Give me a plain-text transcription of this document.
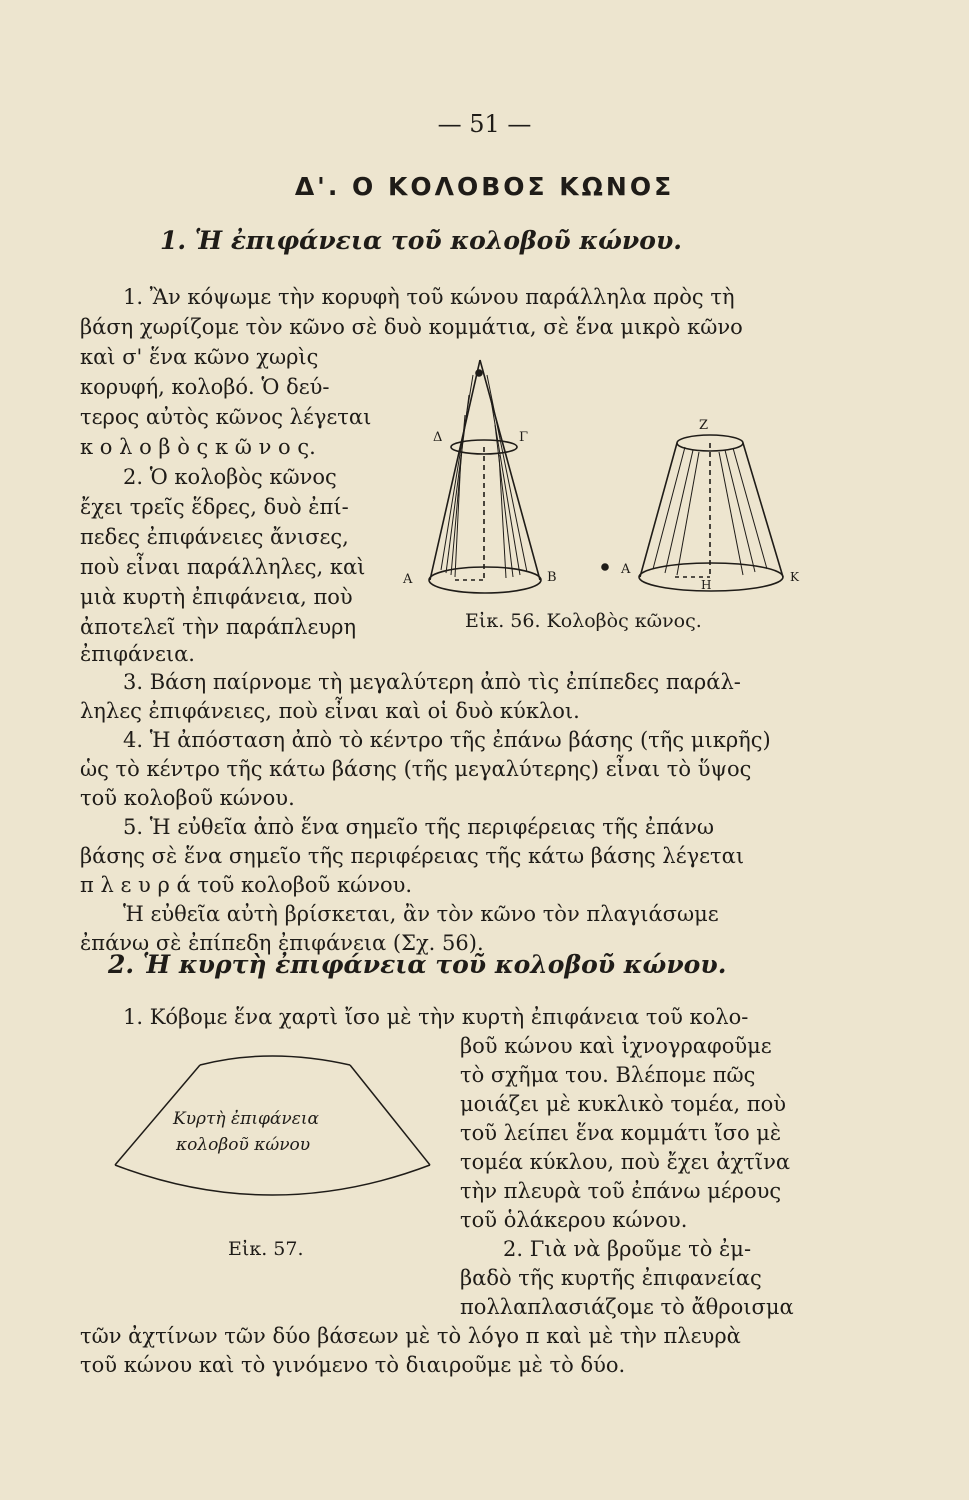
— 51 —
Δ'. Ο ΚΟΛΟΒΟΣ ΚΩΝΟΣ
1. Ἡ ἐπιφάνεια τοῦ κολοβοῦ κώνου.
1. Ἂν κόψωμε τὴν κορυφὴ τοῦ κώνου παράλληλα πρὸς τὴ
βάση χωρίζομε τὸν κῶνο σὲ δυὸ κομμάτια, σὲ ἕνα μικρὸ κῶνο
καὶ σ' ἕνα κῶνο χωρὶς
κορυφή, κολοβό. Ὁ δεύ-
τερος αὐτὸς κῶνος λέγεται
κ ο λ ο β ὸ ς κ ῶ ν ο ς.
2. Ὁ κολοβὸς κῶνος
ἔχει τρεῖς ἕδρες, δυὸ ἐπί-
πεδες ἐπιφάνειες ἄνισες,
ποὺ εἶναι παράλληλες, καὶ
μιὰ κυρτὴ ἐπιφάνεια, ποὺ
ἀποτελεῖ τὴν παράπλευρη
ἐπιφάνεια.
3. Βάση παίρνομε τὴ μεγαλύτερη ἀπὸ τὶς ἐπίπεδες παράλ-
ληλες ἐπιφάνειες, ποὺ εἶναι καὶ οἱ δυὸ κύκλοι.
4. Ἡ ἀπόσταση ἀπὸ τὸ κέντρο τῆς ἐπάνω βάσης (τῆς μικρῆς)
ὡς τὸ κέντρο τῆς κάτω βάσης (τῆς μεγαλύτερης) εἶναι τὸ ὕψος
τοῦ κολοβοῦ κώνου.
5. Ἡ εὐθεῖα ἀπὸ ἕνα σημεῖο τῆς περιφέρειας τῆς ἐπάνω
βάσης σὲ ἕνα σημεῖο τῆς περιφέρειας τῆς κάτω βάσης λέγεται
π λ ε υ ρ ά τοῦ κολοβοῦ κώνου.
Ἡ εὐθεῖα αὐτὴ βρίσκεται, ἂν τὸν κῶνο τὸν πλαγιάσωμε
ἐπάνω σὲ ἐπίπεδη ἐπιφάνεια (Σχ. 56).
Δ	Γ
Α	Β
Ζ
Α
Η
Κ
Εἰκ. 56. Κολοβὸς κῶνος.
2. Ἡ κυρτὴ ἐπιφάνεια τοῦ κολοβοῦ κώνου.
1. Κόβομε ἕνα χαρτὶ ἴσο μὲ τὴν κυρτὴ ἐπιφάνεια τοῦ κολο-
βοῦ κώνου καὶ ἰχνογραφοῦμε
τὸ σχῆμα του. Βλέπομε πῶς
μοιάζει μὲ κυκλικὸ τομέα, ποὺ
τοῦ λείπει ἕνα κομμάτι ἴσο μὲ
τομέα κύκλου, ποὺ ἔχει ἀχτῖνα
τὴν πλευρὰ τοῦ ἐπάνω μέρους
τοῦ ὁλάκερου κώνου.
2. Γιὰ νὰ βροῦμε τὸ ἐμ-
βαδὸ τῆς κυρτῆς ἐπιφανείας
πολλαπλασιάζομε τὸ ἄθροισμα
τῶν ἀχτίνων τῶν δύο βάσεων μὲ τὸ λόγο π καὶ μὲ τὴν πλευρὰ
τοῦ κώνου καὶ τὸ γινόμενο τὸ διαιροῦμε μὲ τὸ δύο.
Κυρτὴ ἐπιφάνεια
κολοβοῦ κώνου
Εἰκ. 57.
